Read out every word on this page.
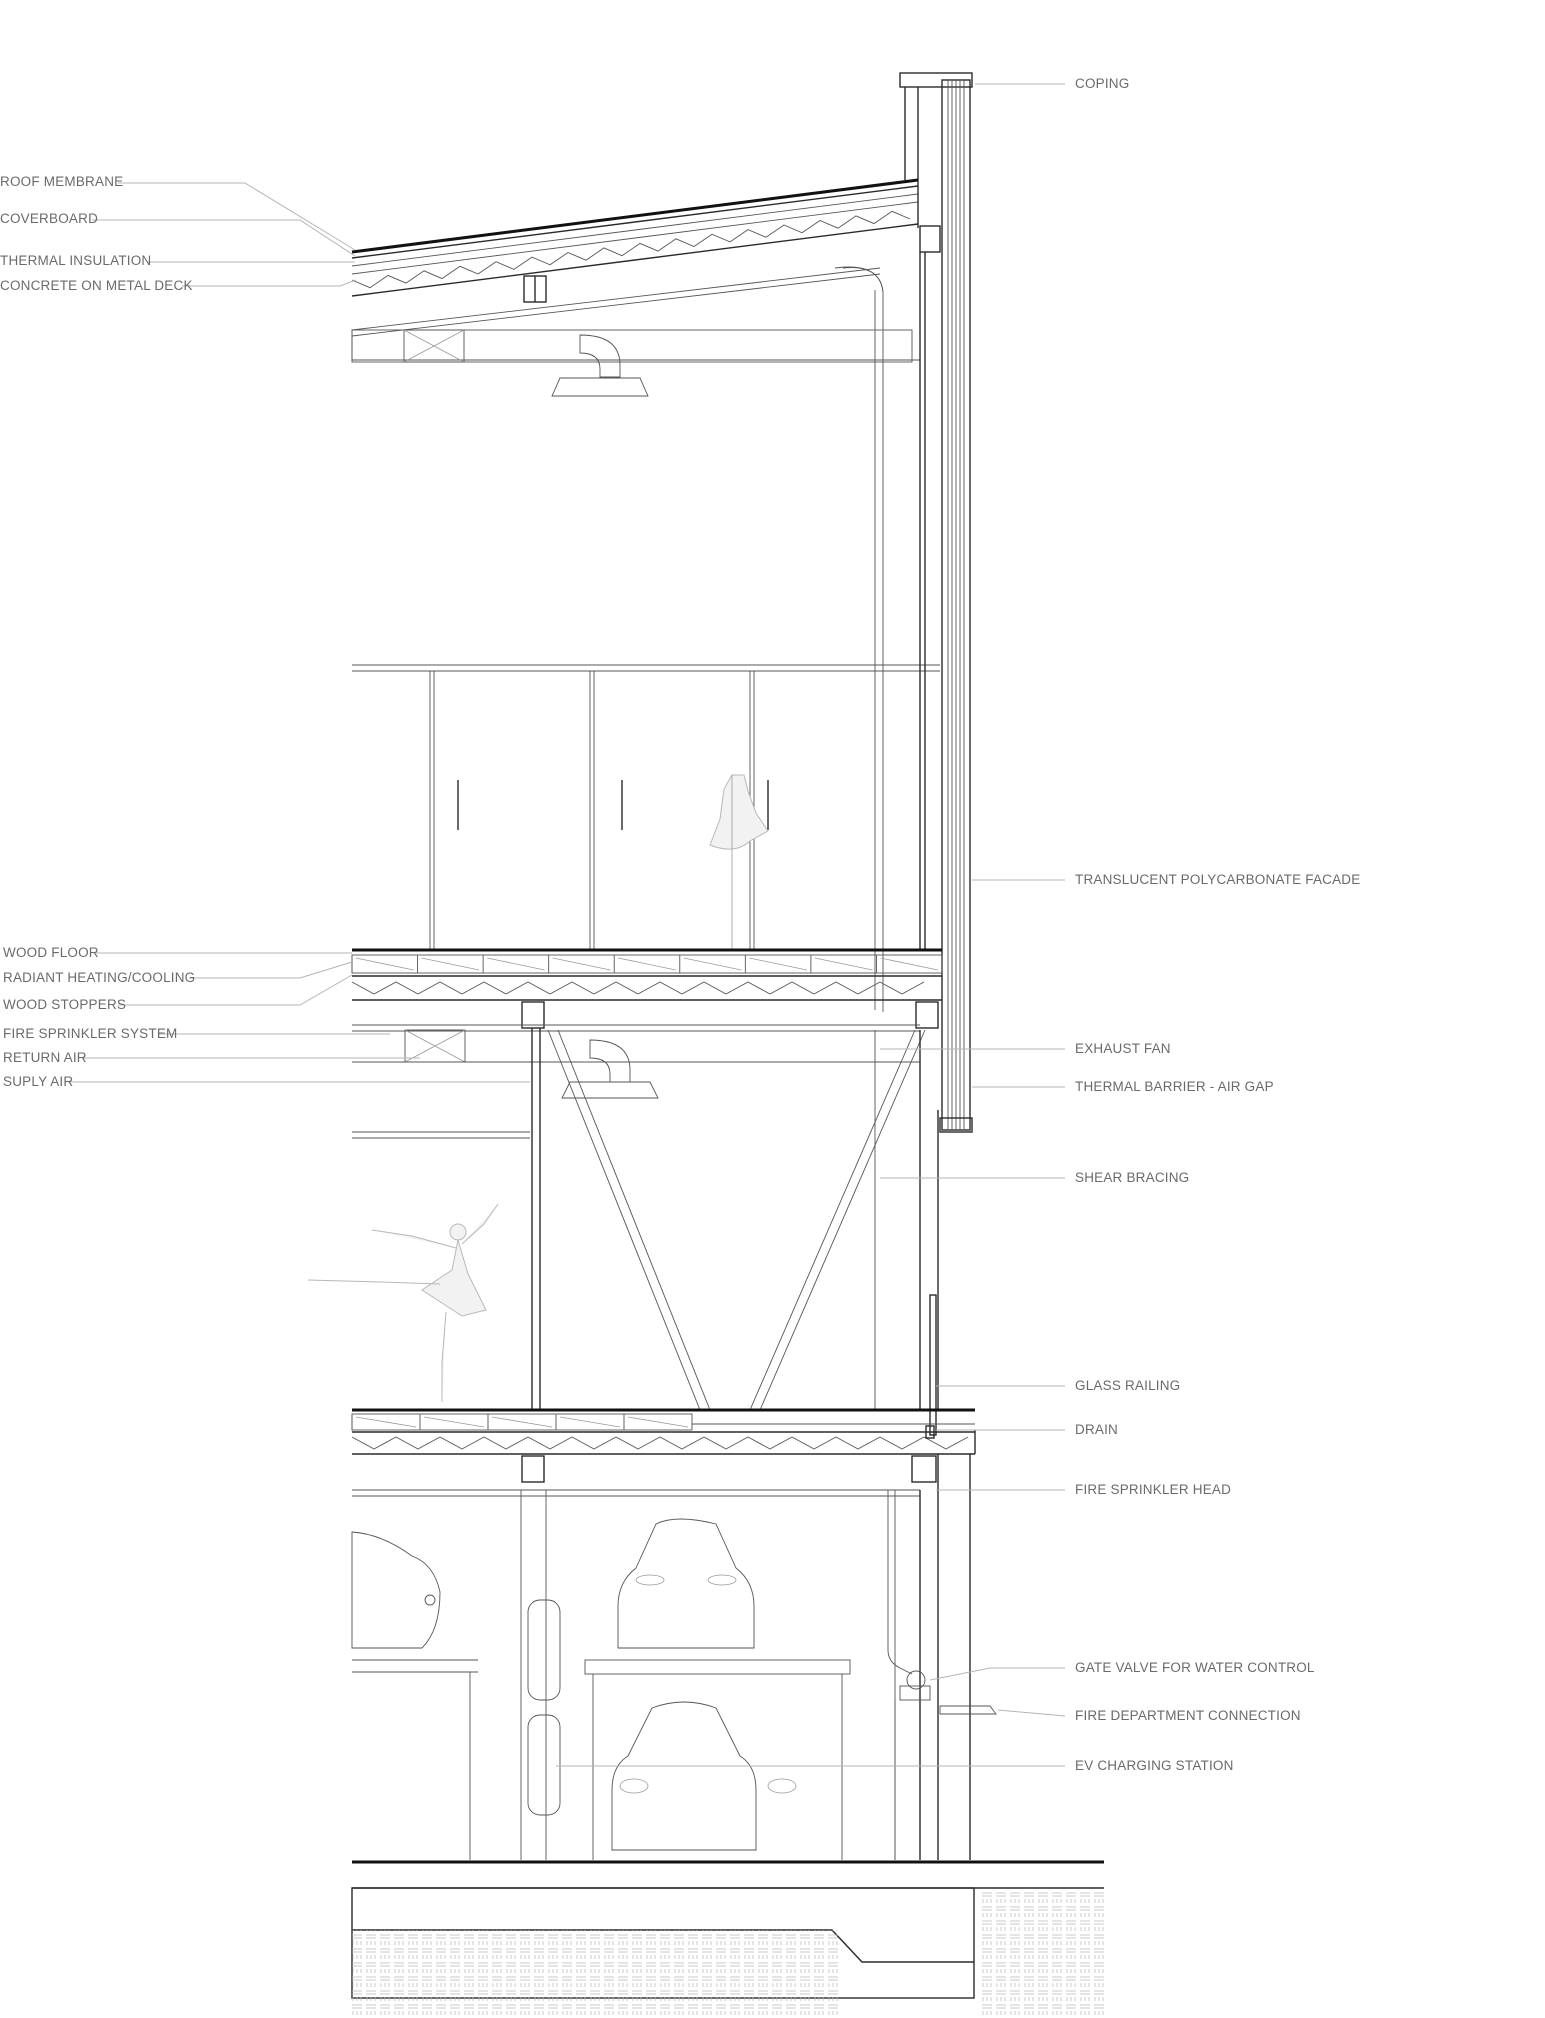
ROOF MEMBRANE
COVERBOARD
THERMAL INSULATION
CONCRETE ON METAL DECK
WOOD FLOOR
RADIANT HEATING/COOLING
WOOD STOPPERS
FIRE SPRINKLER SYSTEM
RETURN AIR
SUPLY AIR
COPING
TRANSLUCENT POLYCARBONATE FACADE
EXHAUST FAN
THERMAL BARRIER - AIR GAP
SHEAR BRACING
GLASS RAILING
DRAIN
FIRE SPRINKLER HEAD
GATE VALVE FOR WATER CONTROL
FIRE DEPARTMENT CONNECTION
EV CHARGING STATION
